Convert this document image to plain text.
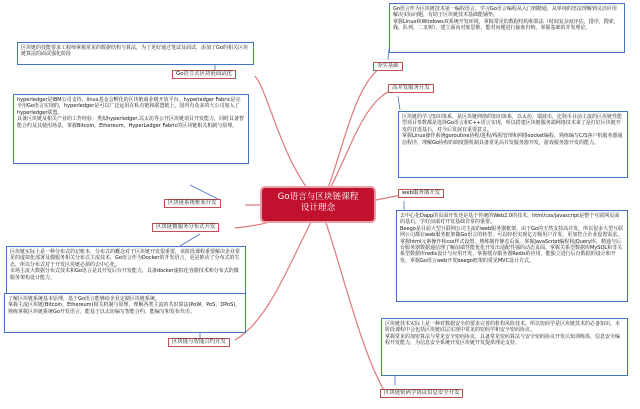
Go语言作为区块链技术第一编程语言，学习Go语言编程从入门到精通，从单纯的语法理解到灵活应用解决实际问题，有助于区块链技术基础能铺垫。
掌握Linux和Windows双系统开发环境，掌握常见的数据结构和算法（时间复杂度评估，排序，搜索，栈，队列，二叉树），建立面向对象思维，能对问题进行抽象归纳。掌握基础的并发理论。
夯实基础
高并发服务开发
区块链的学习知识体系，是区块链网络的知识体系，以太坊，瑞波币，比特币目前主流的区块链性能型项目参数都是选择Go语言和C++语言实现。所以搭建区块链服务端网络技术来了是打好区块链开发的首选基石，对今后发展有重要意义。
掌握Linux操作系统goroutine协程/进程/线程管理和网络socket编程，熟练编写C/S客户机服务器通信程序，理解Go协程的调度器机制具备常见高并发服务器开发，游戏服务器开发的能力。
web服务器开发
去中心化Dapp的页面开发还是基于传统的Web2.0的技术，html/css/javascript是整个互联网页面的基石，学好前端对开发基础非常的重要。
Beego是目前大型互联网公司主流的web服务器框架，由于Go的天然支持高并发，所以很多大型互联网公司都在web服务框架做Go语言的转型，可以轻松实现亿万级用户并发，更加符合企业设置需求。
掌握html元素操作和css样式设置，熟练制作静态页面。掌握JavaScript编程和jQuery库，精通与后台服务器数据通信理了解前端性能优化开发出适配性强的动态页面。掌握关系型数据库MySQL和非关系型数据库redis设计与应用开发，掌握缓存服务器Redis的应用，能独立进行后台数据的设计和开发。掌握Go语言web开发beego框架的常见MVC设计方式。
区块链技术实际上是一种对数据安全的要求完善的机构风险技术，所以密码学是区块链技术的必备知识，本阶段课程中会包括区块链底层实现中常见的密码学和安全密码协议。
掌握常见的加密算法与常见安全密码协议，具备常见密码算法与安全密码协议开发认知训练体，信息安全编程开发能力，为信息安全系统开发区块链开发提供理论支持。
区块链密码学协议信息安全开发
Go语言与区块链课程
设计理念
区块链的技能要求工程师掌握常见的数据结构与算法，为了更好通过笔试及面试，添加了Go的相关区块链算法的面试强化阶段
Go语言去区块链面试化
hyperledger是IBM公司支持，linux基金会孵化的区块链商业级开放平台。hyperledger Fabric是完全用Go语言实现的，hyperledger是可以广泛运用在私有链和联盟链上，国内有众多的大公司加入了hyperledger联盟。
具备区块链及相关产业的工作经验：类似hyperledger,以太坊等公开区块链项目开发能力，同时具备智能合约及其使用场景，掌握Bitcoin，Ethereum，HyperLedger Fabric的区块链相关机制与原理。
区块链系统框架开发
区块链微服务分布式开发
区块链实际上是一种分布式的记账本，分布式的概念对于区块链开发很重要，该阶段课程重要解决企业常见的虚拟化部署及微服务相关分布式主流技术，Go语言作为Docker的开发语言，更是推动了分布式的生态，所以分布式对于开发区块链必须的去中心化。
市场主流大数据分布式技术和Go语言是其开发后台开发能力，具备docker虚拟化容器技术和分布式的微服务架构设计能力。
了解区块链系统基本原理，基于Go语言能够给企业定制区块链系统。
掌握主流区块链(Bitcoin，Ethereum)相关机制与原理，理解各类主流的共识算法(PoW，PoS，DPoS)，熟练掌握区块链系统Go开发语言，能基于以太坊编写智能合约，能编写和发布代币。
区块链与智能合约开发
